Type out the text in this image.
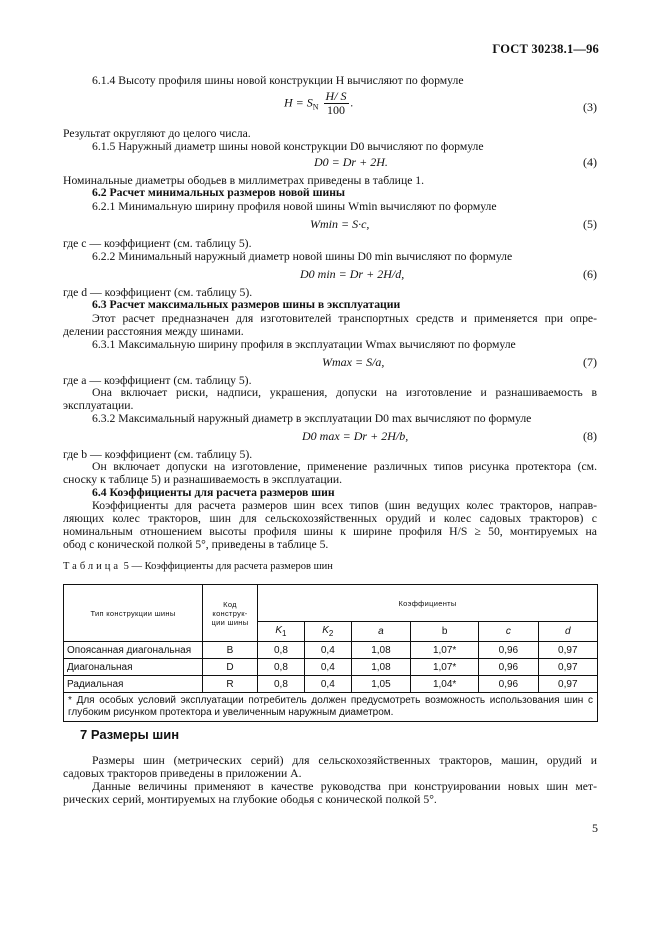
ГОСТ 30238.1—96
6.1.4 Высоту профиля шины новой конструкции H вычисляют по формуле
$H = S_N \frac{H/ S}{100}$ .	(3)
Результат округляют до целого числа.
6.1.5 Наружный диаметр шины новой конструкции D0 вычисляют по формуле
D0 = Dr + 2H.	(4)
Номинальные диаметры ободьев в миллиметрах приведены в таблице 1.
6.2 Расчет минимальных размеров новой шины
6.2.1 Минимальную ширину профиля новой шины Wmin вычисляют по формуле
Wmin = S·c,	(5)
где c — коэффициент (см. таблицу 5).
6.2.2 Минимальный наружный диаметр новой шины D0 min вычисляют по формуле
D0 min = Dr + 2H/d,	(6)
где d — коэффициент (см. таблицу 5).
6.3 Расчет максимальных размеров шины в эксплуатации
Этот расчет предназначен для изготовителей транспортных средств и применяется при опре-
делении расстояния между шинами.
6.3.1 Максимальную ширину профиля в эксплуатации Wmax вычисляют по формуле
Wmax = S/a,	(7)
где a — коэффициент (см. таблицу 5).
Она включает риски, надписи, украшения, допуски на изготовление и разнашиваемость в
эксплуатации.
6.3.2 Максимальный наружный диаметр в эксплуатации D0 max вычисляют по формуле
D0 max = Dr + 2H/b,	(8)
где b — коэффициент (см. таблицу 5).
Он включает допуски на изготовление, применение различных типов рисунка протектора (см.
сноску к таблице 5) и разнашиваемость в эксплуатации.
6.4 Коэффициенты для расчета размеров шин
Коэффициенты для расчета размеров шин всех типов (шин ведущих колес тракторов, направ-
ляющих колес тракторов, шин для сельскохозяйственных орудий и колес садовых тракторов) с
номинальным отношением высоты профиля шины к ширине профиля H/S ≥ 50, монтируемых на
обод с конической полкой 5°, приведены в таблице 5.
Таблица 5 — Коэффициенты для расчета размеров шин
Тип конструкции шины	Код конструк-ции шины	Коэффициенты					
		$K_1$	$K_2$	a	b	c	d
Опоясанная диагональная	B	0,8	0,4	1,08	1,07*	0,96	0,97
Диагональная	D	0,8	0,4	1,08	1,07*	0,96	0,97
Радиальная	R	0,8	0,4	1,05	1,04*	0,96	0,97
* Для особых условий эксплуатации потребитель должен предусмотреть возможность использования шин с глубоким рисунком протектора и увеличенным наружным диаметром.							
7 Размеры шин
Размеры шин (метрических серий) для сельскохозяйственных тракторов, машин, орудий и
садовых тракторов приведены в приложении А.
Данные величины применяют в качестве руководства при конструировании новых шин мет-
рических серий, монтируемых на глубокие ободья с конической полкой 5°.
5
